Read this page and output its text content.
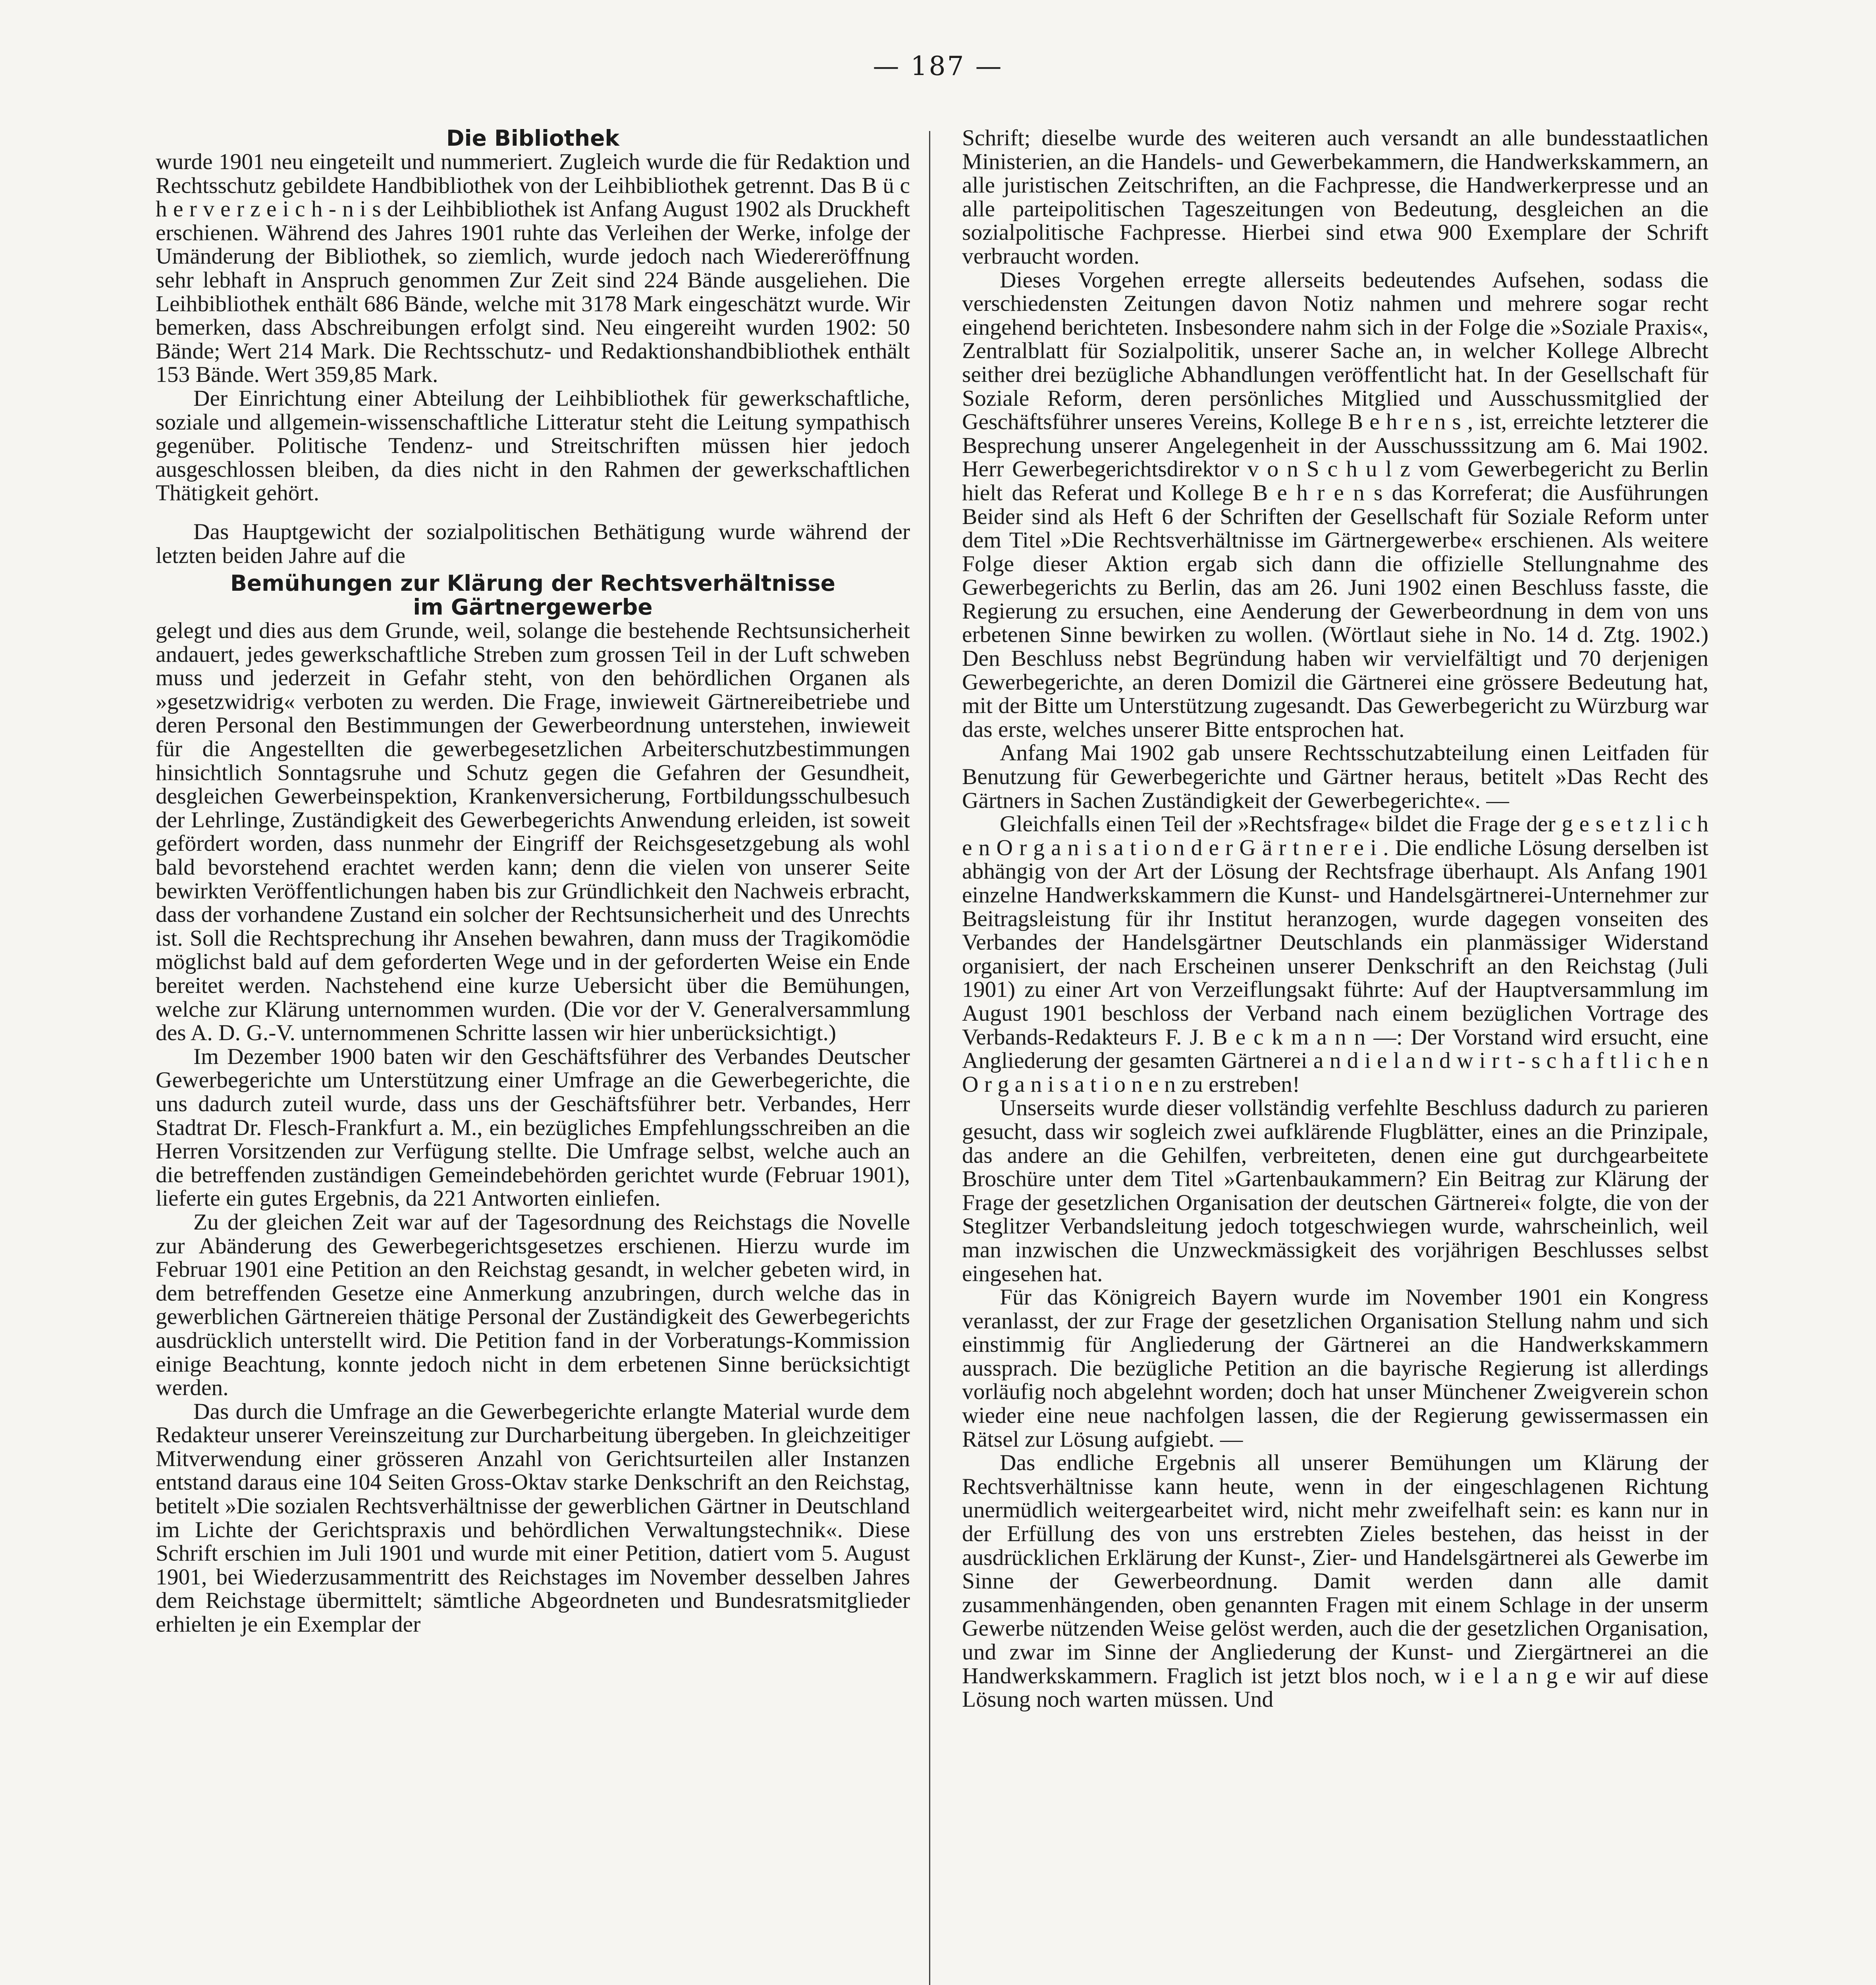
— 187 —
Die Bibliothek

wurde 1901 neu eingeteilt und nummeriert. Zugleich wurde die für Redaktion und Rechtsschutz gebildete Handbibliothek von der Leihbibliothek getrennt. Das B ü c h e r v e r z e i c h - n i s der Leihbibliothek ist Anfang August 1902 als Druckheft erschienen. Während des Jahres 1901 ruhte das Verleihen der Werke, infolge der Umänderung der Bibliothek, so ziemlich, wurde jedoch nach Wiedereröffnung sehr lebhaft in Anspruch genommen Zur Zeit sind 224 Bände ausgeliehen. Die Leihbibliothek enthält 686 Bände, welche mit 3178 Mark eingeschätzt wurde. Wir bemerken, dass Abschreibungen erfolgt sind. Neu eingereiht wurden 1902: 50 Bände; Wert 214 Mark. Die Rechtsschutz- und Redaktionshandbibliothek enthält 153 Bände. Wert 359,85 Mark.

Der Einrichtung einer Abteilung der Leihbibliothek für gewerkschaftliche, soziale und allgemein-wissenschaftliche Litteratur steht die Leitung sympathisch gegenüber. Politische Tendenz- und Streitschriften müssen hier jedoch ausgeschlossen bleiben, da dies nicht in den Rahmen der gewerkschaftlichen Thätigkeit gehört.

Das Hauptgewicht der sozialpolitischen Bethätigung wurde während der letzten beiden Jahre auf die

Bemühungen zur Klärung der Rechtsverhältnisse
im Gärtnergewerbe

gelegt und dies aus dem Grunde, weil, solange die bestehende Rechtsunsicherheit andauert, jedes gewerkschaftliche Streben zum grossen Teil in der Luft schweben muss und jederzeit in Gefahr steht, von den behördlichen Organen als »gesetzwidrig« verboten zu werden. Die Frage, inwieweit Gärtnereibetriebe und deren Personal den Bestimmungen der Gewerbeordnung unterstehen, inwieweit für die Angestellten die gewerbegesetzlichen Arbeiterschutzbestimmungen hinsichtlich Sonntagsruhe und Schutz gegen die Gefahren der Gesundheit, desgleichen Gewerbeinspektion, Krankenversicherung, Fortbildungsschulbesuch der Lehrlinge, Zuständigkeit des Gewerbegerichts Anwendung erleiden, ist soweit gefördert worden, dass nunmehr der Eingriff der Reichsgesetzgebung als wohl bald bevorstehend erachtet werden kann; denn die vielen von unserer Seite bewirkten Veröffentlichungen haben bis zur Gründlichkeit den Nachweis erbracht, dass der vorhandene Zustand ein solcher der Rechtsunsicherheit und des Unrechts ist. Soll die Rechtsprechung ihr Ansehen bewahren, dann muss der Tragikomödie möglichst bald auf dem geforderten Wege und in der geforderten Weise ein Ende bereitet werden. Nachstehend eine kurze Uebersicht über die Bemühungen, welche zur Klärung unternommen wurden. (Die vor der V. Generalversammlung des A. D. G.-V. unternommenen Schritte lassen wir hier unberücksichtigt.)

Im Dezember 1900 baten wir den Geschäftsführer des Verbandes Deutscher Gewerbegerichte um Unterstützung einer Umfrage an die Gewerbegerichte, die uns dadurch zuteil wurde, dass uns der Geschäftsführer betr. Verbandes, Herr Stadtrat Dr. Flesch-Frankfurt a. M., ein bezügliches Empfehlungsschreiben an die Herren Vorsitzenden zur Verfügung stellte. Die Umfrage selbst, welche auch an die betreffenden zuständigen Gemeindebehörden gerichtet wurde (Februar 1901), lieferte ein gutes Ergebnis, da 221 Antworten einliefen.

Zu der gleichen Zeit war auf der Tagesordnung des Reichstags die Novelle zur Abänderung des Gewerbegerichtsgesetzes erschienen. Hierzu wurde im Februar 1901 eine Petition an den Reichstag gesandt, in welcher gebeten wird, in dem betreffenden Gesetze eine Anmerkung anzubringen, durch welche das in gewerblichen Gärtnereien thätige Personal der Zuständigkeit des Gewerbegerichts ausdrücklich unterstellt wird. Die Petition fand in der Vorberatungs-Kommission einige Beachtung, konnte jedoch nicht in dem erbetenen Sinne berücksichtigt werden.

Das durch die Umfrage an die Gewerbegerichte erlangte Material wurde dem Redakteur unserer Vereinszeitung zur Durcharbeitung übergeben. In gleichzeitiger Mitverwendung einer grösseren Anzahl von Gerichtsurteilen aller Instanzen entstand daraus eine 104 Seiten Gross-Oktav starke Denkschrift an den Reichstag, betitelt »Die sozialen Rechtsverhältnisse der gewerblichen Gärtner in Deutschland im Lichte der Gerichtspraxis und behördlichen Verwaltungstechnik«. Diese Schrift erschien im Juli 1901 und wurde mit einer Petition, datiert vom 5. August 1901, bei Wiederzusammentritt des Reichstages im November desselben Jahres dem Reichstage übermittelt; sämtliche Abgeordneten und Bundesratsmitglieder erhielten je ein Exemplar der

Schrift; dieselbe wurde des weiteren auch versandt an alle bundesstaatlichen Ministerien, an die Handels- und Gewerbekammern, die Handwerkskammern, an alle juristischen Zeitschriften, an die Fachpresse, die Handwerkerpresse und an alle parteipolitischen Tageszeitungen von Bedeutung, desgleichen an die sozialpolitische Fachpresse. Hierbei sind etwa 900 Exemplare der Schrift verbraucht worden.

Dieses Vorgehen erregte allerseits bedeutendes Aufsehen, sodass die verschiedensten Zeitungen davon Notiz nahmen und mehrere sogar recht eingehend berichteten. Insbesondere nahm sich in der Folge die »Soziale Praxis«, Zentralblatt für Sozialpolitik, unserer Sache an, in welcher Kollege Albrecht seither drei bezügliche Abhandlungen veröffentlicht hat. In der Gesellschaft für Soziale Reform, deren persönliches Mitglied und Ausschussmitglied der Geschäftsführer unseres Vereins, Kollege B e h r e n s , ist, erreichte letzterer die Besprechung unserer Angelegenheit in der Ausschusssitzung am 6. Mai 1902. Herr Gewerbegerichtsdirektor v o n S c h u l z vom Gewerbegericht zu Berlin hielt das Referat und Kollege B e h r e n s das Korreferat; die Ausführungen Beider sind als Heft 6 der Schriften der Gesellschaft für Soziale Reform unter dem Titel »Die Rechtsverhältnisse im Gärtnergewerbe« erschienen. Als weitere Folge dieser Aktion ergab sich dann die offizielle Stellungnahme des Gewerbegerichts zu Berlin, das am 26. Juni 1902 einen Beschluss fasste, die Regierung zu ersuchen, eine Aenderung der Gewerbeordnung in dem von uns erbetenen Sinne bewirken zu wollen. (Wörtlaut siehe in No. 14 d. Ztg. 1902.) Den Beschluss nebst Begründung haben wir vervielfältigt und 70 derjenigen Gewerbegerichte, an deren Domizil die Gärtnerei eine grössere Bedeutung hat, mit der Bitte um Unterstützung zugesandt. Das Gewerbegericht zu Würzburg war das erste, welches unserer Bitte entsprochen hat.

Anfang Mai 1902 gab unsere Rechtsschutzabteilung einen Leitfaden für Benutzung für Gewerbegerichte und Gärtner heraus, betitelt »Das Recht des Gärtners in Sachen Zuständigkeit der Gewerbegerichte«. —

Gleichfalls einen Teil der »Rechtsfrage« bildet die Frage der g e s e t z l i c h e n O r g a n i s a t i o n d e r G ä r t n e r e i . Die endliche Lösung derselben ist abhängig von der Art der Lösung der Rechtsfrage überhaupt. Als Anfang 1901 einzelne Handwerkskammern die Kunst- und Handelsgärtnerei-Unternehmer zur Beitragsleistung für ihr Institut heranzogen, wurde dagegen vonseiten des Verbandes der Handelsgärtner Deutschlands ein planmässiger Widerstand organisiert, der nach Erscheinen unserer Denkschrift an den Reichstag (Juli 1901) zu einer Art von Verzeiflungsakt führte: Auf der Hauptversammlung im August 1901 beschloss der Verband nach einem bezüglichen Vortrage des Verbands-Redakteurs F. J. B e c k m a n n —: Der Vorstand wird ersucht, eine Angliederung der gesamten Gärtnerei a n d i e l a n d w i r t - s c h a f t l i c h e n O r g a n i s a t i o n e n zu erstreben!

Unserseits wurde dieser vollständig verfehlte Beschluss dadurch zu parieren gesucht, dass wir sogleich zwei aufklärende Flugblätter, eines an die Prinzipale, das andere an die Gehilfen, verbreiteten, denen eine gut durchgearbeitete Broschüre unter dem Titel »Gartenbaukammern? Ein Beitrag zur Klärung der Frage der gesetzlichen Organisation der deutschen Gärtnerei« folgte, die von der Steglitzer Verbandsleitung jedoch totgeschwiegen wurde, wahrscheinlich, weil man inzwischen die Unzweckmässigkeit des vorjährigen Beschlusses selbst eingesehen hat.

Für das Königreich Bayern wurde im November 1901 ein Kongress veranlasst, der zur Frage der gesetzlichen Organisation Stellung nahm und sich einstimmig für Angliederung der Gärtnerei an die Handwerkskammern aussprach. Die bezügliche Petition an die bayrische Regierung ist allerdings vorläufig noch abgelehnt worden; doch hat unser Münchener Zweigverein schon wieder eine neue nachfolgen lassen, die der Regierung gewissermassen ein Rätsel zur Lösung aufgiebt. —

Das endliche Ergebnis all unserer Bemühungen um Klärung der Rechtsverhältnisse kann heute, wenn in der eingeschlagenen Richtung unermüdlich weitergearbeitet wird, nicht mehr zweifelhaft sein: es kann nur in der Erfüllung des von uns erstrebten Zieles bestehen, das heisst in der ausdrücklichen Erklärung der Kunst-, Zier- und Handelsgärtnerei als Gewerbe im Sinne der Gewerbeordnung. Damit werden dann alle damit zusammenhängenden, oben genannten Fragen mit einem Schlage in der unserm Gewerbe nützenden Weise gelöst werden, auch die der gesetzlichen Organisation, und zwar im Sinne der Angliederung der Kunst- und Ziergärtnerei an die Handwerkskammern. Fraglich ist jetzt blos noch, w i e l a n g e wir auf diese Lösung noch warten müssen. Und
